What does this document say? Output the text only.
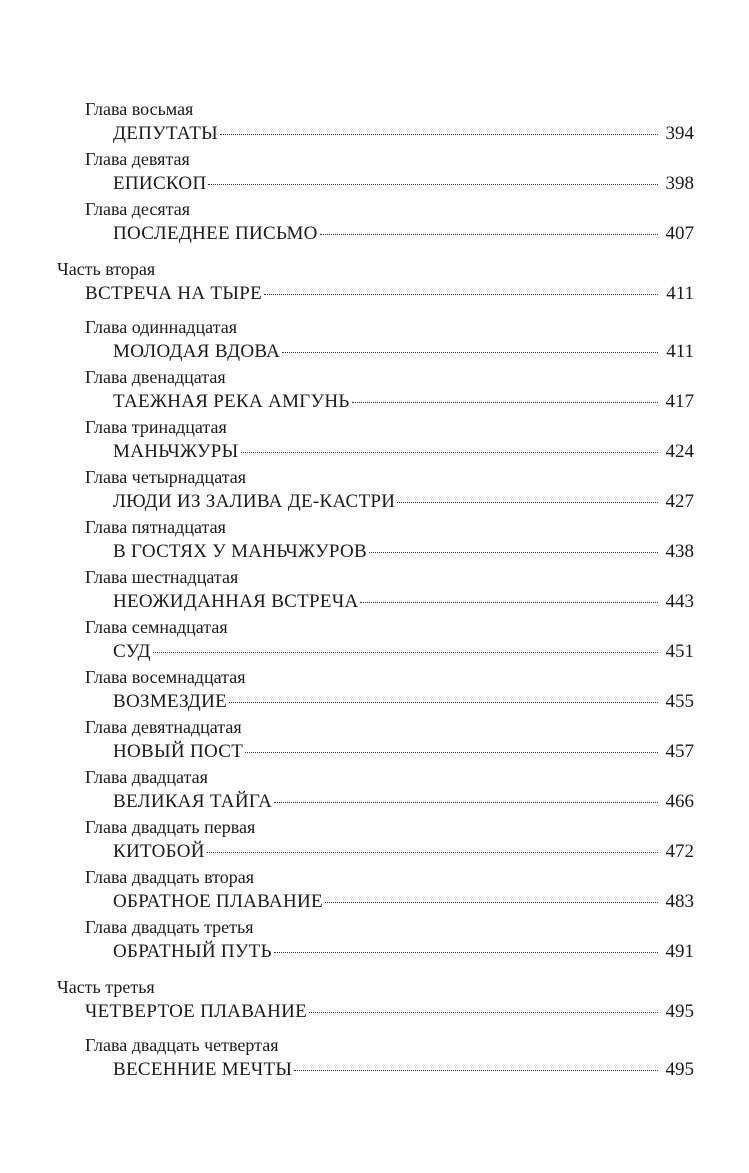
Глава восьмая
ДЕПУТАТЫ	394
Глава девятая
ЕПИСКОП	398
Глава десятая
ПОСЛЕДНЕЕ ПИСЬМО	407
Часть вторая
ВСТРЕЧА НА ТЫРЕ	411
Глава одиннадцатая
МОЛОДАЯ ВДОВА	411
Глава двенадцатая
ТАЕЖНАЯ РЕКА АМГУНЬ	417
Глава тринадцатая
МАНЬЧЖУРЫ	424
Глава четырнадцатая
ЛЮДИ ИЗ ЗАЛИВА ДЕ-КАСТРИ	427
Глава пятнадцатая
В ГОСТЯХ У МАНЬЧЖУРОВ	438
Глава шестнадцатая
НЕОЖИДАННАЯ ВСТРЕЧА	443
Глава семнадцатая
СУД	451
Глава восемнадцатая
ВОЗМЕЗДИЕ	455
Глава девятнадцатая
НОВЫЙ ПОСТ	457
Глава двадцатая
ВЕЛИКАЯ ТАЙГА	466
Глава двадцать первая
КИТОБОЙ	472
Глава двадцать вторая
ОБРАТНОЕ ПЛАВАНИЕ	483
Глава двадцать третья
ОБРАТНЫЙ ПУТЬ	491
Часть третья
ЧЕТВЕРТОЕ ПЛАВАНИЕ	495
Глава двадцать четвертая
ВЕСЕННИЕ МЕЧТЫ	495
